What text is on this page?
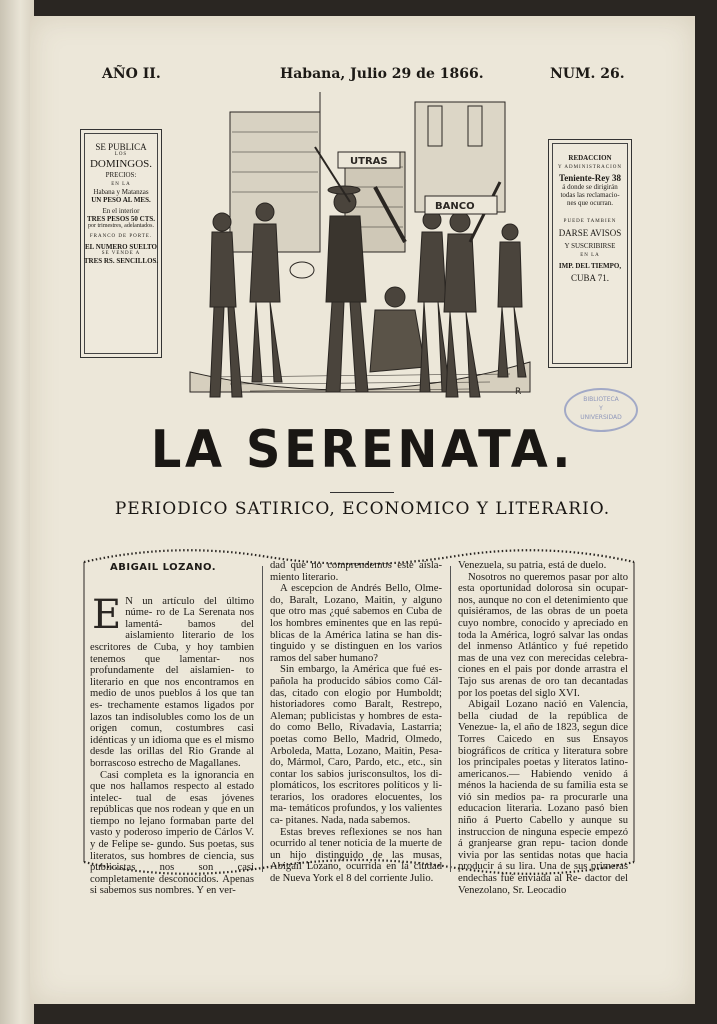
AÑO II.	Habana, Julio 29 de 1866.	NUM. 26.
SE PUBLICA
LOS
DOMINGOS.
PRECIOS:
EN LA
Habana y Matanzas
UN PESO AL MES.
En el interior
TRES PESOS 50 CTS.
por trimestres, adelantados.
FRANCO DE PORTE.
EL NUMERO SUELTO
SE VENDE A
TRES RS. SENCILLOS.
REDACCION
Y ADMINISTRACION
Teniente-Rey 38
á donde se dirigirán
todas las reclamacio-
nes que ocurran.
PUEDE TAMBIEN
DARSE AVISOS
Y SUSCRIBIRSE
EN LA
IMP. DEL TIEMPO,
CUBA 71.
UTRAS
BANCO
R
BIBLIOTECA
Y
UNIVERSIDAD
LA SERENATA.
PERIODICO SATIRICO, ECONOMICO Y LITERARIO.
ABIGAIL LOZANO.
E N un artículo del último núme- ro de La Serenata nos lamentá- bamos del aislamiento literario de los escritores de Cuba, y hoy tambien tenemos que lamentar- nos profundamente del aislamien- to literario en que nos encontramos en medio de unos pueblos á los que tan es- trechamente estamos ligados por lazos tan indisolubles como los de un origen comun, costumbres casi idénticas y un idioma que es el mismo desde las orillas del Rio Grande al borrascoso estrecho de Magallanes.

Casi completa es la ignorancia en que nos hallamos respecto al estado intelec- tual de esas jóvenes repúblicas que nos rodean y que en un tiempo no lejano formaban parte del vasto y poderoso imperio de Cárlos V. y de Felipe se- gundo. Sus poetas, sus literatos, sus hombres de ciencia, sus publicistas nos son casi completamente desconocidos. Apenas si sabemos sus nombres. Y en ver-

dad que no comprendemos este aisla- miento literario.

A escepcion de Andrés Bello, Olme- do, Baralt, Lozano, Maitin, y alguno que otro mas ¿qué sabemos en Cuba de los hombres eminentes que en las repú- blicas de la América latina se han dis- tinguido y se distinguen en los varios ramos del saber humano?

Sin embargo, la América que fué es- pañola ha producido sábios como Cál- das, citado con elogio por Humboldt; historiadores como Baralt, Restrepo, Aleman; publicistas y hombres de esta- do como Bello, Rivadavia, Lastarria; poetas como Bello, Madrid, Olmedo, Arboleda, Matta, Lozano, Maitin, Pesa- do, Mármol, Caro, Pardo, etc., etc., sin contar los sabios jurisconsultos, los di- plomáticos, los escritores políticos y li- terarios, los oradores elocuentes, los ma- temáticos profundos, y los valientes ca- pitanes. Nada, nada sabemos.

Estas breves reflexiones se nos han ocurrido al tener noticia de la muerte de un hijo distinguido de las musas, Abigail Lozano, ocurrida en la ciudad de Nueva York el 8 del corriente Julio.

Venezuela, su patria, está de duelo.

Nosotros no queremos pasar por alto esta oportunidad dolorosa sin ocupar- nos, aunque no con el detenimiento que quisiéramos, de las obras de un poeta cuyo nombre, conocido y apreciado en toda la América, logró salvar las ondas del inmenso Atlántico y fué repetido mas de una vez con merecidas celebra- ciones en el pais por donde arrastra el Tajo sus arenas de oro tan decantadas por los poetas del siglo XVI.

Abigail Lozano nació en Valencia, bella ciudad de la república de Venezue- la, el año de 1823, segun dice Torres Caicedo en sus Ensayos biográficos de crítica y literatura sobre los principales poetas y literatos latino-americanos.— Habiendo venido á ménos la hacienda de su familia esta se vió sin medios pa- ra procurarle una educacion literaria. Lozano pasó bien niño á Puerto Cabello y aunque su instruccion de ninguna especie empezó á granjearse gran repu- tacion donde vivia por las sentidas notas que hacia producir á su lira. Una de sus primeras endechas fué enviada al Re- dactor del Venezolano, Sr. Leocadio
